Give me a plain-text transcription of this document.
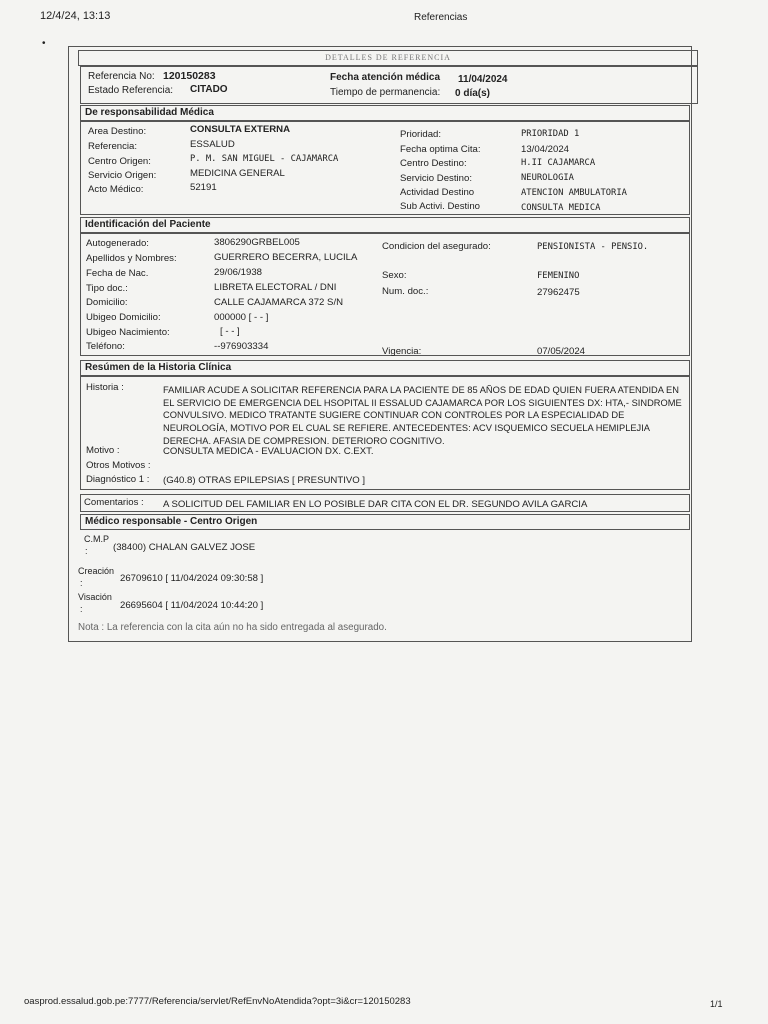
12/4/24, 13:13	Referencias
•
DETALLES DE REFERENCIA
Referencia No: 120150283
Estado Referencia: CITADO
Fecha atención médica 11/04/2024
Tiempo de permanencia: 0 día(s)
De responsabilidad Médica
Area Destino:	CONSULTA EXTERNA
Referencia:	ESSALUD
Centro Origen:	P. M. SAN MIGUEL - CAJAMARCA
Servicio Origen:	MEDICINA GENERAL
Acto Médico:	52191
Prioridad:	PRIORIDAD 1
Fecha optima Cita:	13/04/2024
Centro Destino:	H.II CAJAMARCA
Servicio Destino:	NEUROLOGIA
Actividad Destino	ATENCION AMBULATORIA
Sub Activi. Destino	CONSULTA MEDICA
Identificación del Paciente
Autogenerado:	3806290GRBEL005
Apellidos y Nombres:	GUERRERO BECERRA, LUCILA
Fecha de Nac.	29/06/1938
Tipo doc.:	LIBRETA ELECTORAL / DNI
Domicilio:	CALLE CAJAMARCA 372 S/N
Ubigeo Domicilio:	000000 [ - - ]
Ubigeo Nacimiento:	[ - - ]
Teléfono:	--976903334
Condicion del asegurado:	PENSIONISTA - PENSIO.
Sexo:	FEMENINO
Num. doc.:	27962475
Vigencia:	07/05/2024
Resúmen de la Historia Clínica
Historia :	FAMILIAR ACUDE A SOLICITAR REFERENCIA PARA LA PACIENTE DE 85 AÑOS DE EDAD QUIEN FUERA ATENDIDA EN EL SERVICIO DE EMERGENCIA DEL HSOPITAL II ESSALUD CAJAMARCA POR LOS SIGUIENTES DX: HTA,- SINDROME CONVULSIVO. MEDICO TRATANTE SUGIERE CONTINUAR CON CONTROLES POR LA ESPECIALIDAD DE NEUROLOGÍA, MOTIVO POR EL CUAL SE REFIERE. ANTECEDENTES: ACV ISQUEMICO SECUELA HEMIPLEJIA DERECHA. AFASIA DE COMPRESION. DETERIORO COGNITIVO.
Motivo :	CONSULTA MEDICA - EVALUACION DX. C.EXT.
Otros Motivos :
Diagnóstico 1 : (G40.8) OTRAS EPILEPSIAS [ PRESUNTIVO ]
Comentarios : A SOLICITUD DEL FAMILIAR EN LO POSIBLE DAR CITA CON EL DR. SEGUNDO AVILA GARCIA
Médico responsable - Centro Origen
C.M.P
:	(38400) CHALAN GALVEZ JOSE
Creación
:	26709610 [ 11/04/2024 09:30:58 ]
Visación
:	26695604 [ 11/04/2024 10:44:20 ]
Nota : La referencia con la cita aún no ha sido entregada al asegurado.
oasprod.essalud.gob.pe:7777/Referencia/servlet/RefEnvNoAtendida?opt=3i&cr=120150283	1/1
